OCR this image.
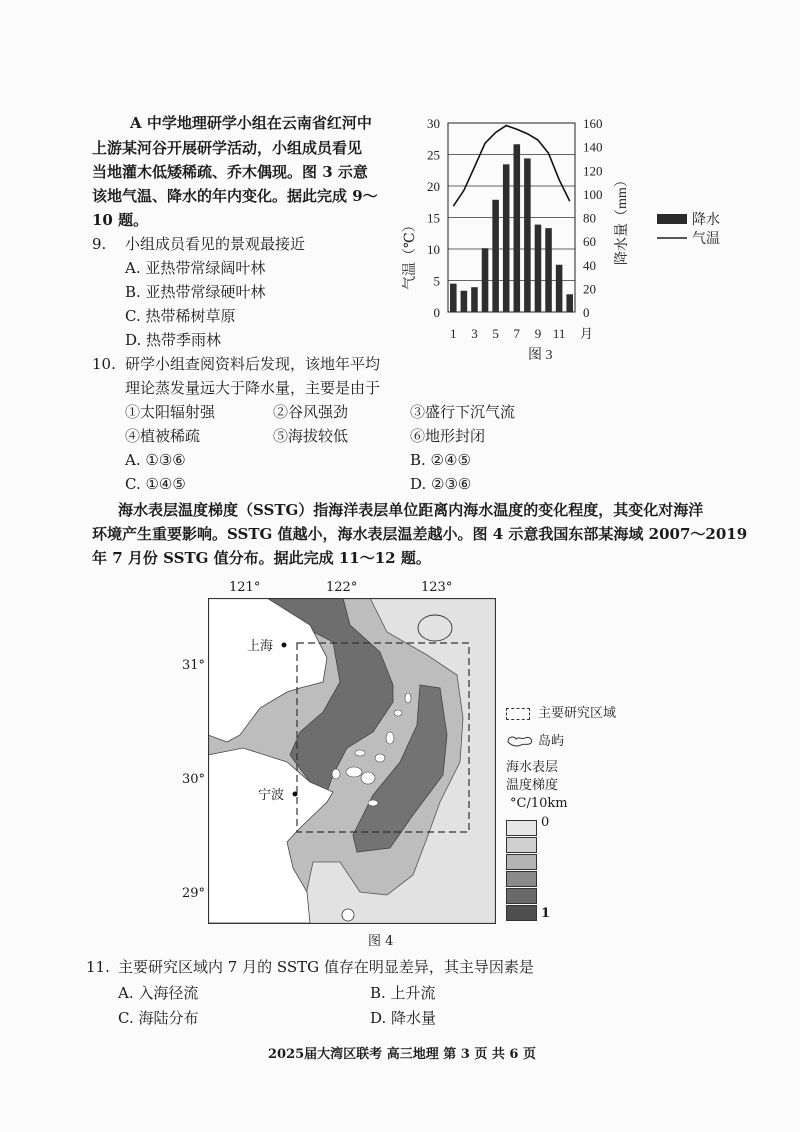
A 中学地理研学小组在云南省红河中
上游某河谷开展研学活动，小组成员看见
当地灌木低矮稀疏、乔木偶现。图 3 示意
该地气温、降水的年内变化。据此完成 9～
10 题。
9. 小组成员看见的景观最接近
A. 亚热带常绿阔叶林
B. 亚热带常绿硬叶林
C. 热带稀树草原
D. 热带季雨林
10. 研学小组查阅资料后发现，该地年平均
理论蒸发量远大于降水量，主要是由于
①太阳辐射强	②谷风强劲	③盛行下沉气流
④植被稀疏	⑤海拔较低	⑥地形封闭
A. ①③⑥	B. ②④⑤
C. ①④⑤	D. ②③⑥
0
5
10
15
20
25
30
0
20
40
60
80
100
120
140
160
1 3 5 7 9 11
气温（℃）	降水量（mm）
月
图 3
降水
气温
海水表层温度梯度（SSTG）指海洋表层单位距离内海水温度的变化程度，其变化对海洋
环境产生重要影响。SSTG 值越小，海水表层温差越小。图 4 示意我国东部某海域 2007～2019
年 7 月份 SSTG 值分布。据此完成 11～12 题。
121°	122°	123°
31°
30°
29°
上海
宁波
图 4
主要研究区域
岛屿
海水表层
温度梯度
°C/10km
0
1
11. 主要研究区域内 7 月的 SSTG 值存在明显差异，其主导因素是
A. 入海径流	B. 上升流
C. 海陆分布	D. 降水量
2025届大湾区联考 高三地理 第 3 页 共 6 页
